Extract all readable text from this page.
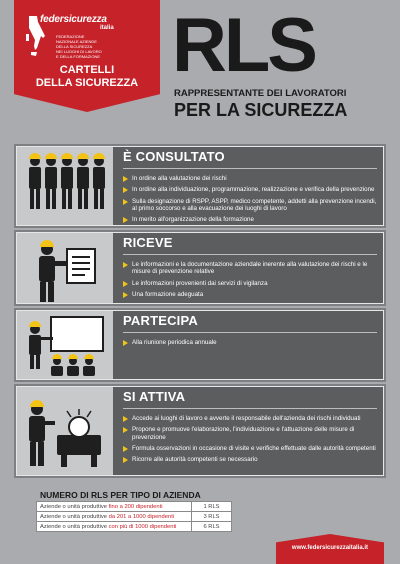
federsicurezza
italia
FEDERAZIONE
NAZIONALE AZIENDE
DELLA SICUREZZA
NEI LUOGHI DI LAVORO
E DELLA FORMAZIONE
CARTELLI
DELLA SICUREZZA RLS
RAPPRESENTANTE DEI LAVORATORI
PER LA SICUREZZA
È CONSULTATO
In ordine alla valutazione dei rischi
In ordine alla individuazione, programmazione, realizzazione e verifica della prevenzione
Sulla designazione di RSPP, ASPP, medico competente, addetti alla prevenzione incendi, al primo soccorso e alla evacuazione dei luoghi di lavoro
In merito all'organizzazione della formazione
RICEVE
Le informazioni e la documentazione aziendale inerente alla valutazione dei rischi e le misure di prevenzione relative
Le informazioni provenienti dai servizi di vigilanza
Una formazione adeguata
PARTECIPA
Alla riunione periodica annuale
SI ATTIVA
Accede ai luoghi di lavoro e avverte il responsabile dell'azienda dei rischi individuati
Propone e promuove l'elaborazione, l'individuazione e l'attuazione delle misure di prevenzione
Formula osservazioni in occasione di visite e verifiche effettuate dalle autorità competenti
Ricorre alle autorità competenti se necessario
NUMERO DI RLS PER TIPO DI AZIENDA
Aziende o unità produttive fino a 200 dipendenti	1 RLS
Aziende o unità produttive da 201 a 1000 dipendenti	3 RLS
Aziende o unità produttive con più di 1000 dipendenti	6 RLS
www.federsicurezzaitalia.it
